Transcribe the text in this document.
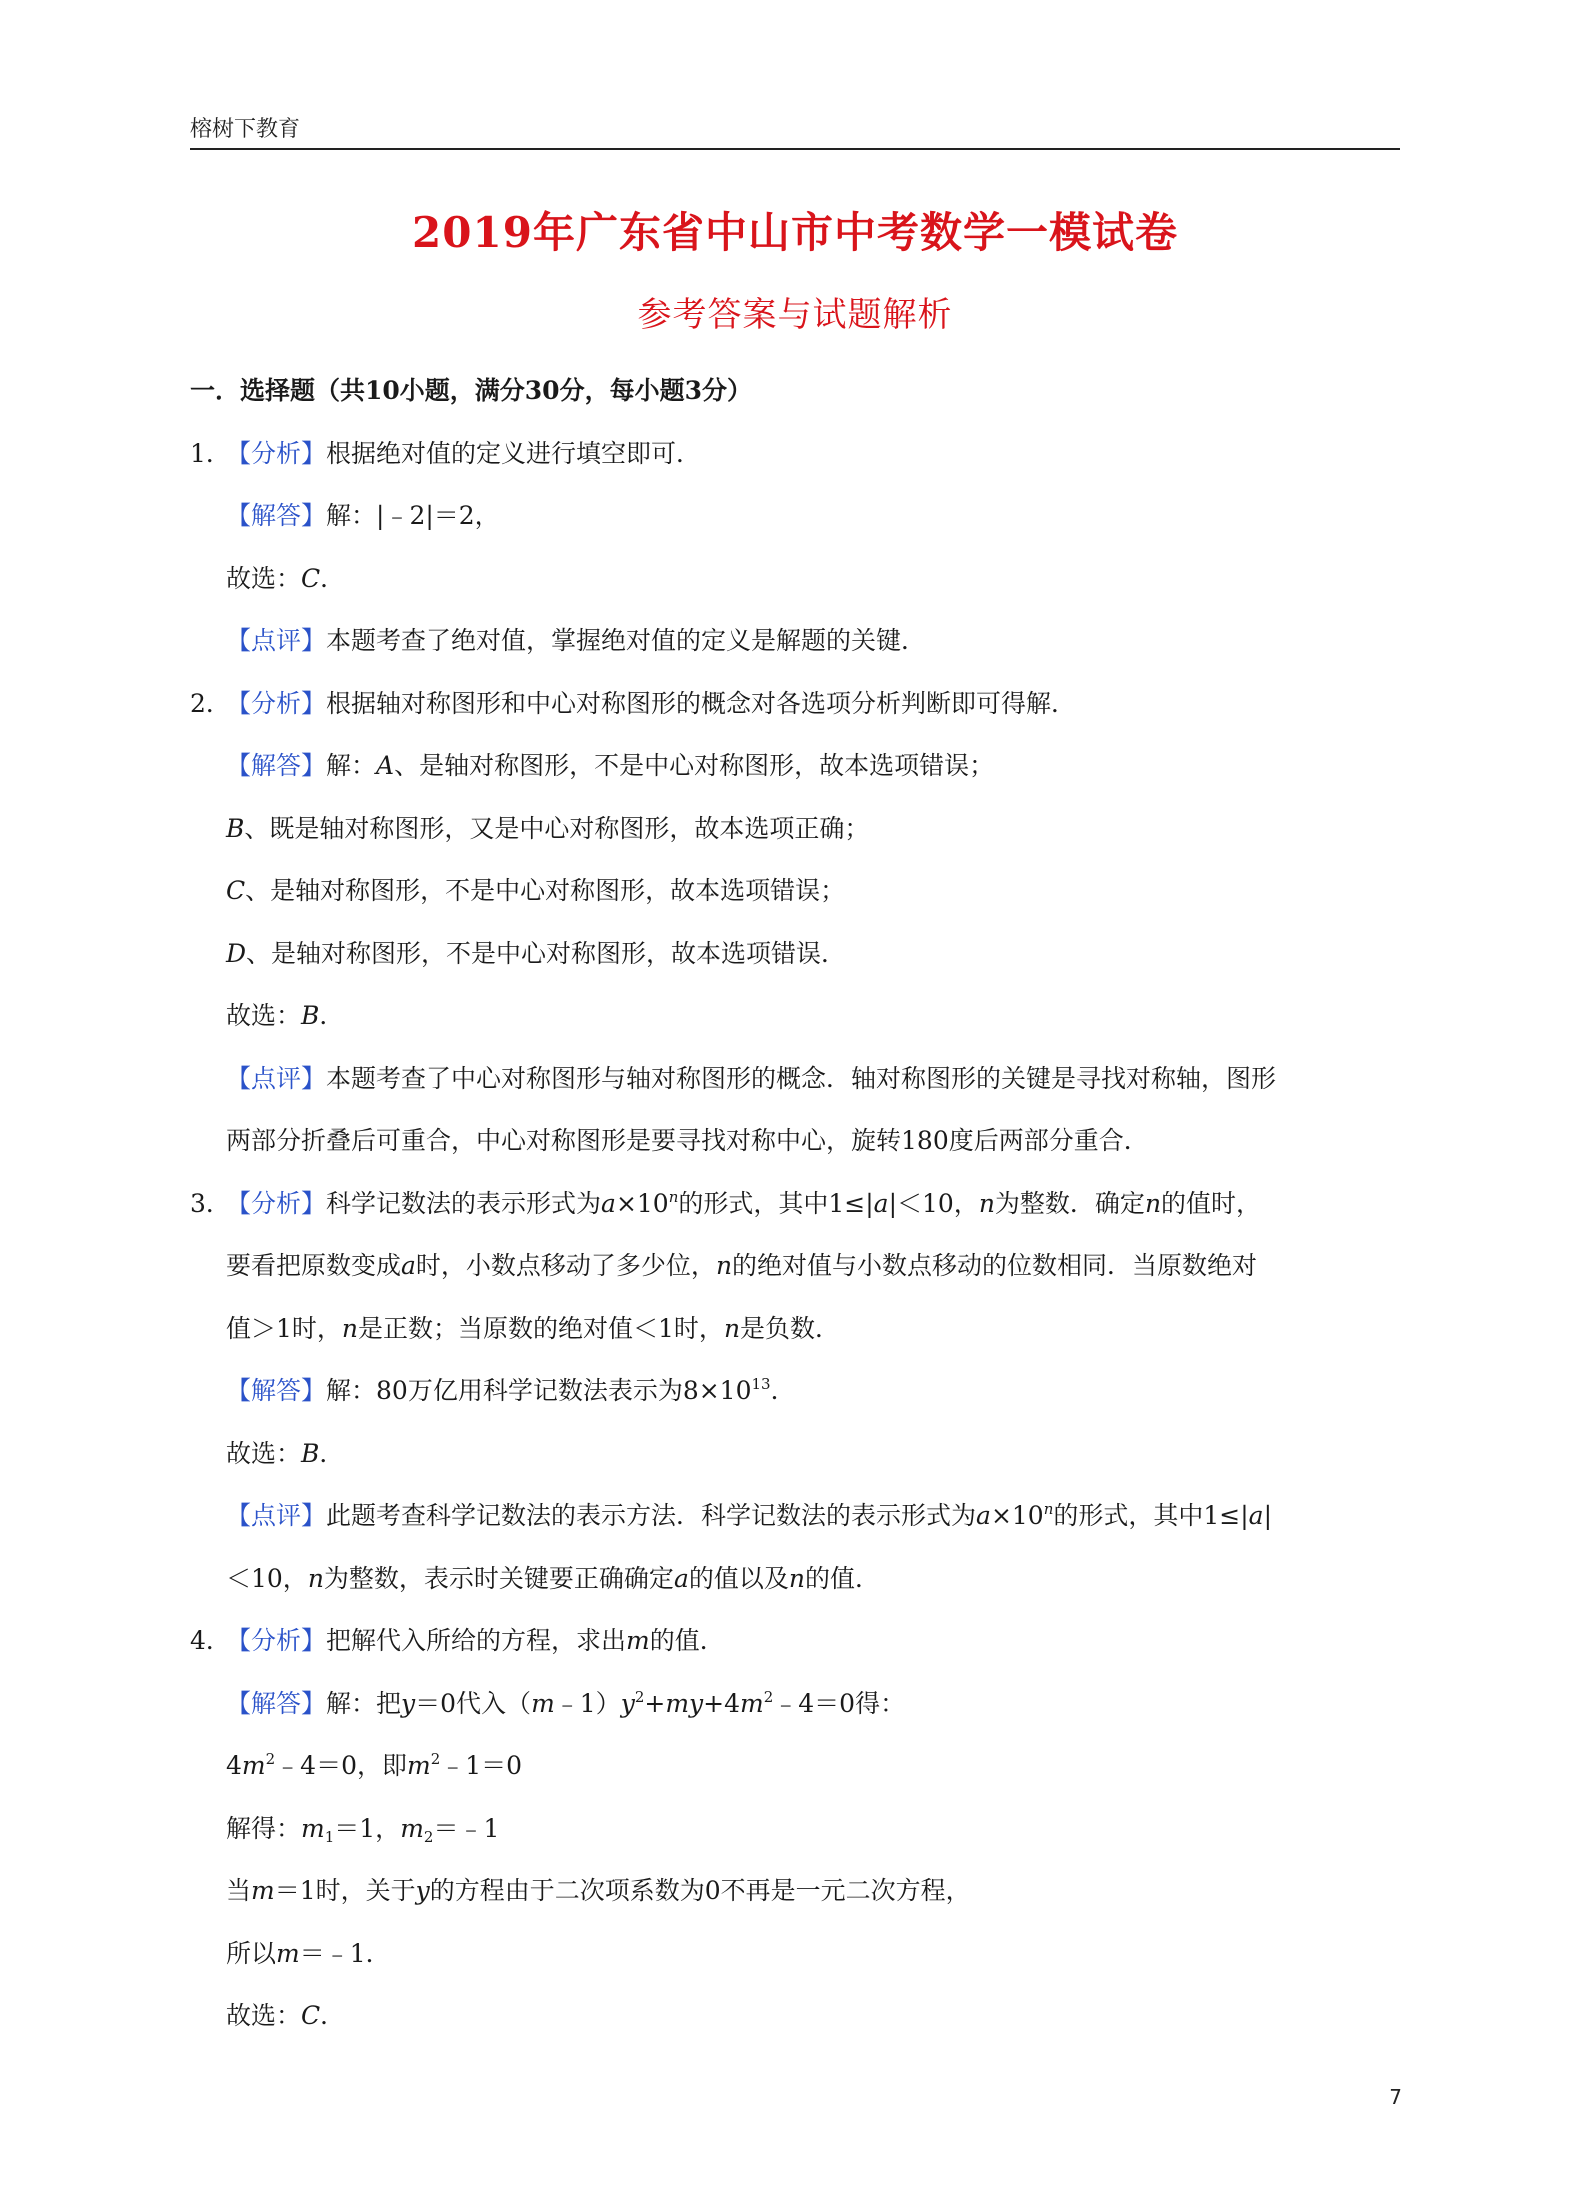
榕树下教育
2019年广东省中山市中考数学一模试卷
参考答案与试题解析
一．选择题（共10小题，满分30分，每小题3分）
1．【分析】根据绝对值的定义进行填空即可．
【解答】解：|﹣2|＝2，
故选：C．
【点评】本题考查了绝对值，掌握绝对值的定义是解题的关键．
2．【分析】根据轴对称图形和中心对称图形的概念对各选项分析判断即可得解．
【解答】解：A、是轴对称图形，不是中心对称图形，故本选项错误；
B、既是轴对称图形，又是中心对称图形，故本选项正确；
C、是轴对称图形，不是中心对称图形，故本选项错误；
D、是轴对称图形，不是中心对称图形，故本选项错误．
故选：B．
【点评】本题考查了中心对称图形与轴对称图形的概念．轴对称图形的关键是寻找对称轴，图形
两部分折叠后可重合，中心对称图形是要寻找对称中心，旋转180度后两部分重合．
3．【分析】科学记数法的表示形式为$a\times 10^n$的形式，其中1≤|a|＜10，n为整数．确定n的值时，
要看把原数变成a时，小数点移动了多少位，n的绝对值与小数点移动的位数相同．当原数绝对
值＞1时，n是正数；当原数的绝对值＜1时，n是负数．
【解答】解：80万亿用科学记数法表示为$8\times 10^{13}$．
故选：B．
【点评】此题考查科学记数法的表示方法．科学记数法的表示形式为$a\times 10^n$的形式，其中1≤|a|
＜10，n为整数，表示时关键要正确确定a的值以及n的值．
4．【分析】把解代入所给的方程，求出m的值．
【解答】解：把y＝0代入$(m﹣1)y^2+my+4m^2﹣4=0$得：
$4m^2﹣4=0$，即$m^2﹣1=0$
解得：$m_1=1$，$m_2=﹣1$
当m＝1时，关于y的方程由于二次项系数为0不再是一元二次方程，
所以m＝﹣1．
故选：C．
7
